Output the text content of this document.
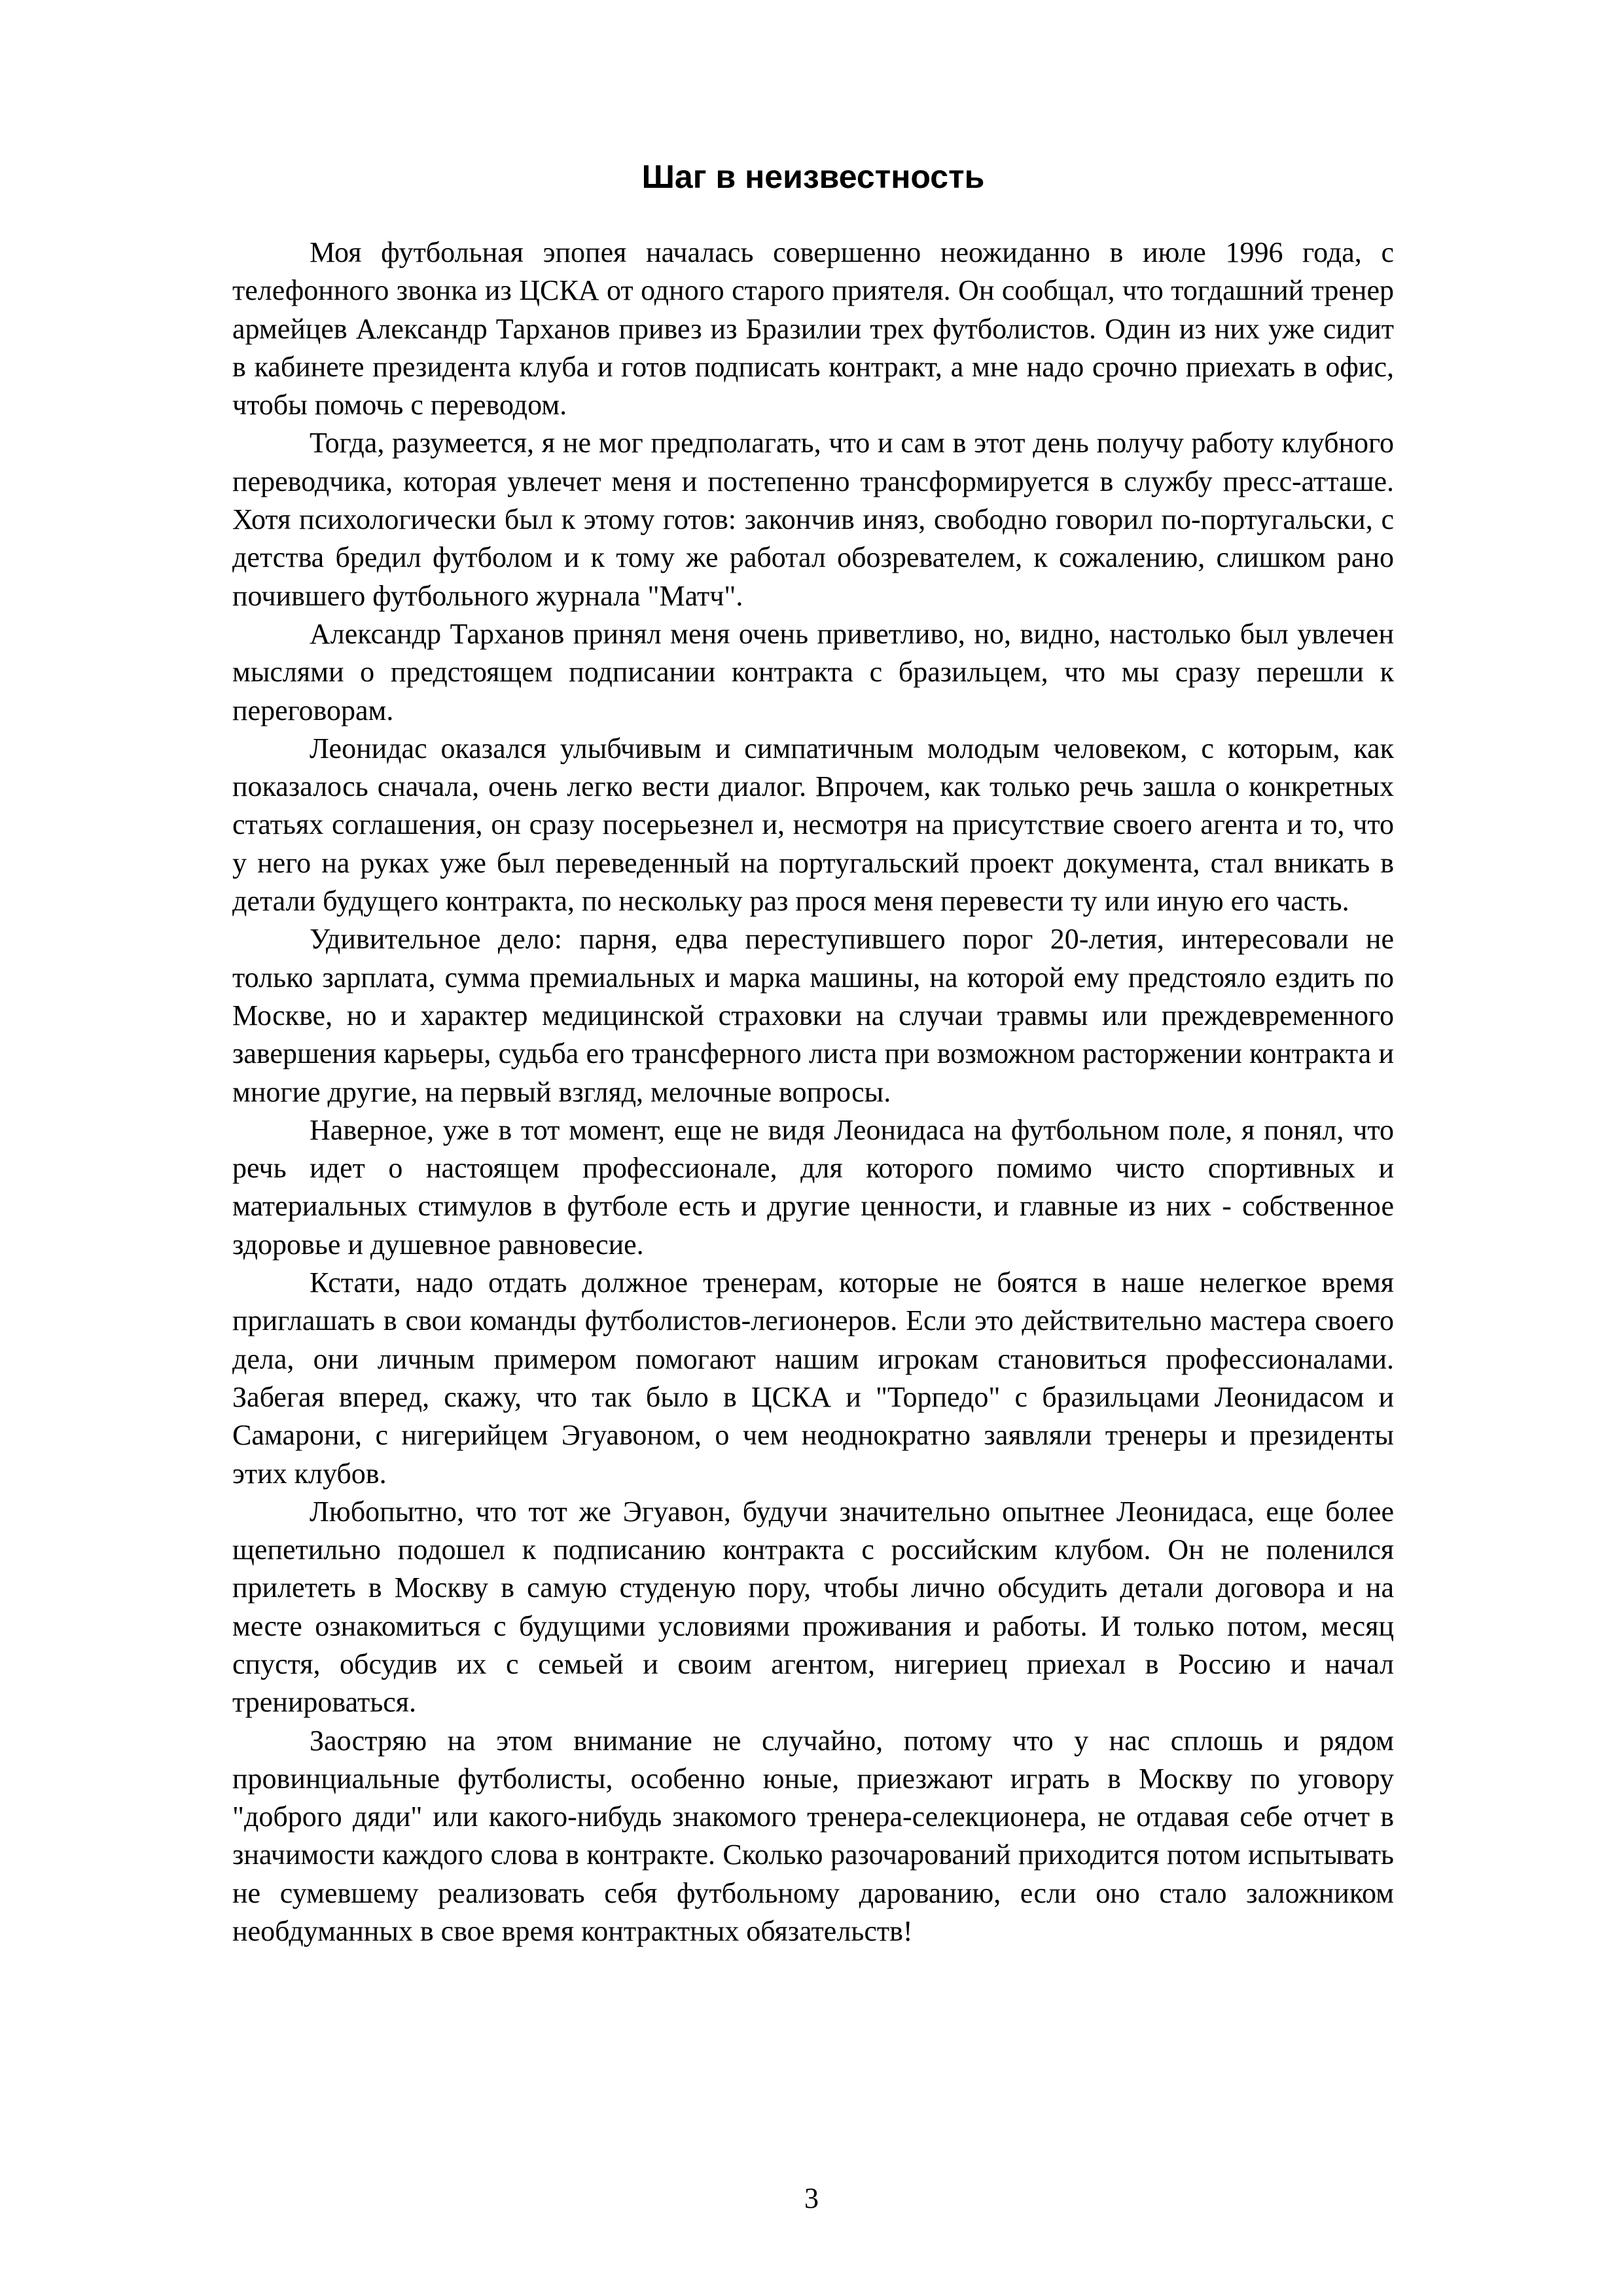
Шаг в неизвестность

Моя футбольная эпопея началась совершенно неожиданно в июле 1996 года, с телефонного звонка из ЦСКА от одного старого приятеля. Он сообщал, что тогдашний тренер армейцев Александр Тарханов привез из Бразилии трех футболистов. Один из них уже сидит в кабинете президента клуба и готов подписать контракт, а мне надо срочно приехать в офис, чтобы помочь с переводом.

Тогда, разумеется, я не мог предполагать, что и сам в этот день получу работу клубного переводчика, которая увлечет меня и постепенно трансформируется в службу пресс-атташе. Хотя психологически был к этому готов: закончив иняз, свободно говорил по-португальски, с детства бредил футболом и к тому же работал обозревателем, к сожалению, слишком рано почившего футбольного журнала "Матч".

Александр Тарханов принял меня очень приветливо, но, видно, настолько был увлечен мыслями о предстоящем подписании контракта с бразильцем, что мы сразу перешли к переговорам.

Леонидас оказался улыбчивым и симпатичным молодым человеком, с которым, как показалось сначала, очень легко вести диалог. Впрочем, как только речь зашла о конкретных статьях соглашения, он сразу посерьезнел и, несмотря на присутствие своего агента и то, что у него на руках уже был переведенный на португальский проект документа, стал вникать в детали будущего контракта, по нескольку раз прося меня перевести ту или иную его часть.

Удивительное дело: парня, едва переступившего порог 20-летия, интересовали не только зарплата, сумма премиальных и марка машины, на которой ему предстояло ездить по Москве, но и характер медицинской страховки на случаи травмы или преждевременного завершения карьеры, судьба его трансферного листа при возможном расторжении контракта и многие другие, на первый взгляд, мелочные вопросы.

Наверное, уже в тот момент, еще не видя Леонидаса на футбольном поле, я понял, что речь идет о настоящем профессионале, для которого помимо чисто спортивных и материальных стимулов в футболе есть и другие ценности, и главные из них - собственное здоровье и душевное равновесие.

Кстати, надо отдать должное тренерам, которые не боятся в наше нелегкое время приглашать в свои команды футболистов-легионеров. Если это действительно мастера своего дела, они личным примером помогают нашим игрокам становиться профессионалами. Забегая вперед, скажу, что так было в ЦСКА и "Торпедо" с бразильцами Леонидасом и Самарони, с нигерийцем Эгуавоном, о чем неоднократно заявляли тренеры и президенты этих клубов.

Любопытно, что тот же Эгуавон, будучи значительно опытнее Леонидаса, еще более щепетильно подошел к подписанию контракта с российским клубом. Он не поленился прилететь в Москву в самую студеную пору, чтобы лично обсудить детали договора и на месте ознакомиться с будущими условиями проживания и работы. И только потом, месяц спустя, обсудив их с семьей и своим агентом, нигериец приехал в Россию и начал тренироваться.

Заостряю на этом внимание не случайно, потому что у нас сплошь и рядом провинциальные футболисты, особенно юные, приезжают играть в Москву по уговору "доброго дяди" или какого-нибудь знакомого тренера-селекционера, не отдавая себе отчет в значимости каждого слова в контракте. Сколько разочарований приходится потом испытывать не сумевшему реализовать себя футбольному дарованию, если оно стало заложником необдуманных в свое время контрактных обязательств!

3
